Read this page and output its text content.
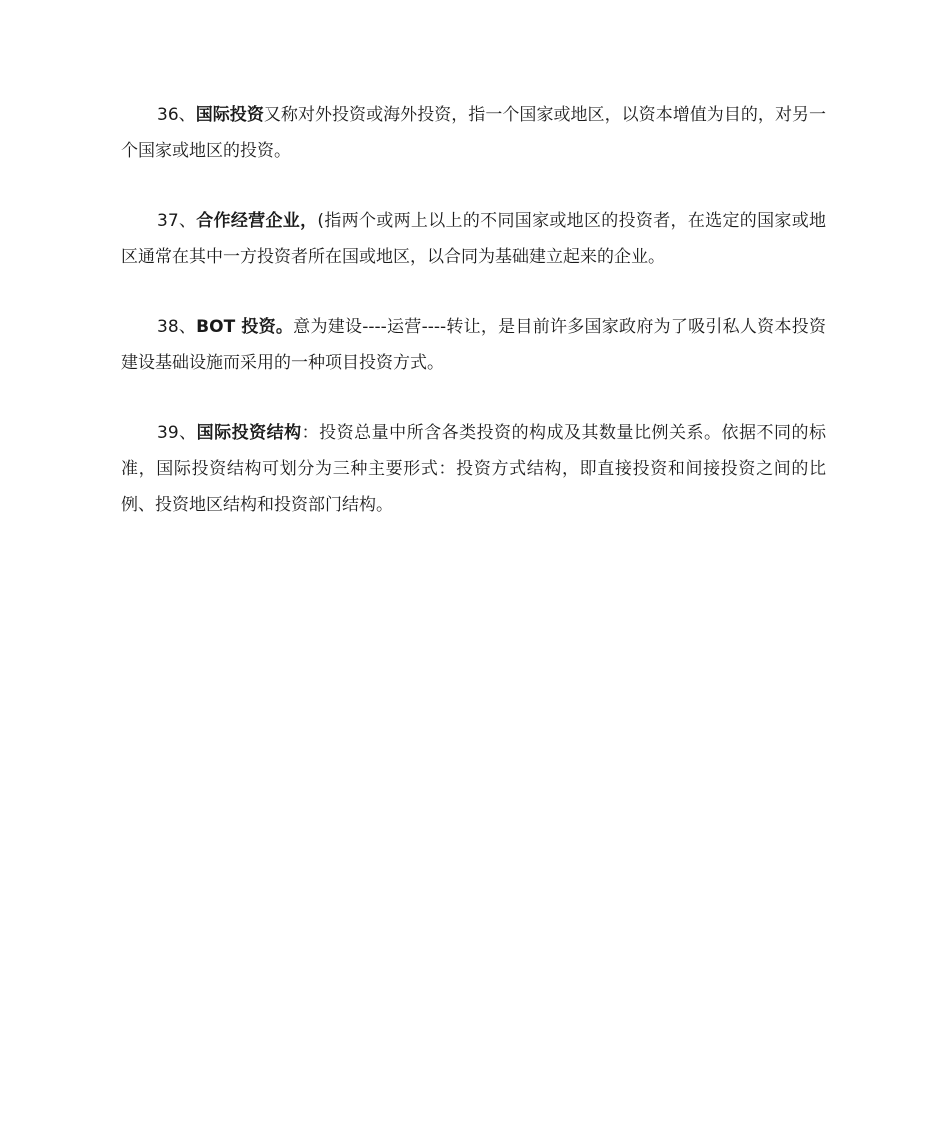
36、国际投资又称对外投资或海外投资，指一个国家或地区，以资本增值为目的，对另一个国家或地区的投资。

37、合作经营企业，(指两个或两上以上的不同国家或地区的投资者，在选定的国家或地区通常在其中一方投资者所在国或地区，以合同为基础建立起来的企业。

38、BOT 投资。意为建设----运营----转让，是目前许多国家政府为了吸引私人资本投资建设基础设施而采用的一种项目投资方式。

39、国际投资结构：投资总量中所含各类投资的构成及其数量比例关系。依据不同的标准，国际投资结构可划分为三种主要形式：投资方式结构，即直接投资和间接投资之间的比例、投资地区结构和投资部门结构。
